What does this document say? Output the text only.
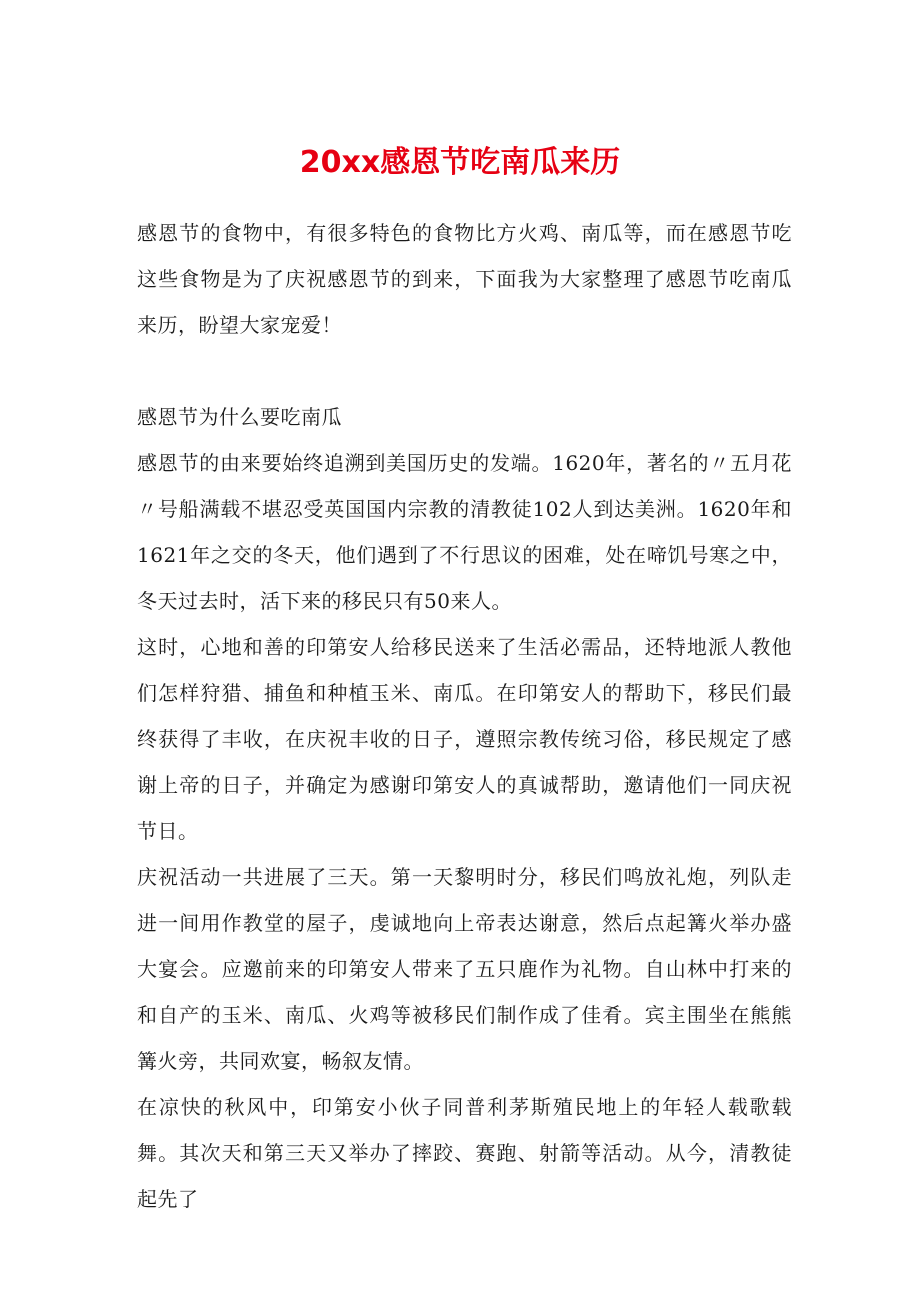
20xx感恩节吃南瓜来历

感恩节的食物中，有很多特色的食物比方火鸡、南瓜等，而在感恩节吃这些食物是为了庆祝感恩节的到来，下面我为大家整理了感恩节吃南瓜来历，盼望大家宠爱！

感恩节为什么要吃南瓜

感恩节的由来要始终追溯到美国历史的发端。1620年，著名的〃五月花〃号船满载不堪忍受英国国内宗教的清教徒102人到达美洲。1620年和1621年之交的冬天，他们遇到了不行思议的困难，处在啼饥号寒之中，冬天过去时，活下来的移民只有50来人。

这时，心地和善的印第安人给移民送来了生活必需品，还特地派人教他们怎样狩猎、捕鱼和种植玉米、南瓜。在印第安人的帮助下，移民们最终获得了丰收，在庆祝丰收的日子，遵照宗教传统习俗，移民规定了感谢上帝的日子，并确定为感谢印第安人的真诚帮助，邀请他们一同庆祝节日。

庆祝活动一共进展了三天。第一天黎明时分，移民们鸣放礼炮，列队走进一间用作教堂的屋子，虔诚地向上帝表达谢意，然后点起篝火举办盛大宴会。应邀前来的印第安人带来了五只鹿作为礼物。自山林中打来的和自产的玉米、南瓜、火鸡等被移民们制作成了佳肴。宾主围坐在熊熊篝火旁，共同欢宴，畅叙友情。

在凉快的秋风中，印第安小伙子同普利茅斯殖民地上的年轻人载歌载舞。其次天和第三天又举办了摔跤、赛跑、射箭等活动。从今，清教徒起先了
